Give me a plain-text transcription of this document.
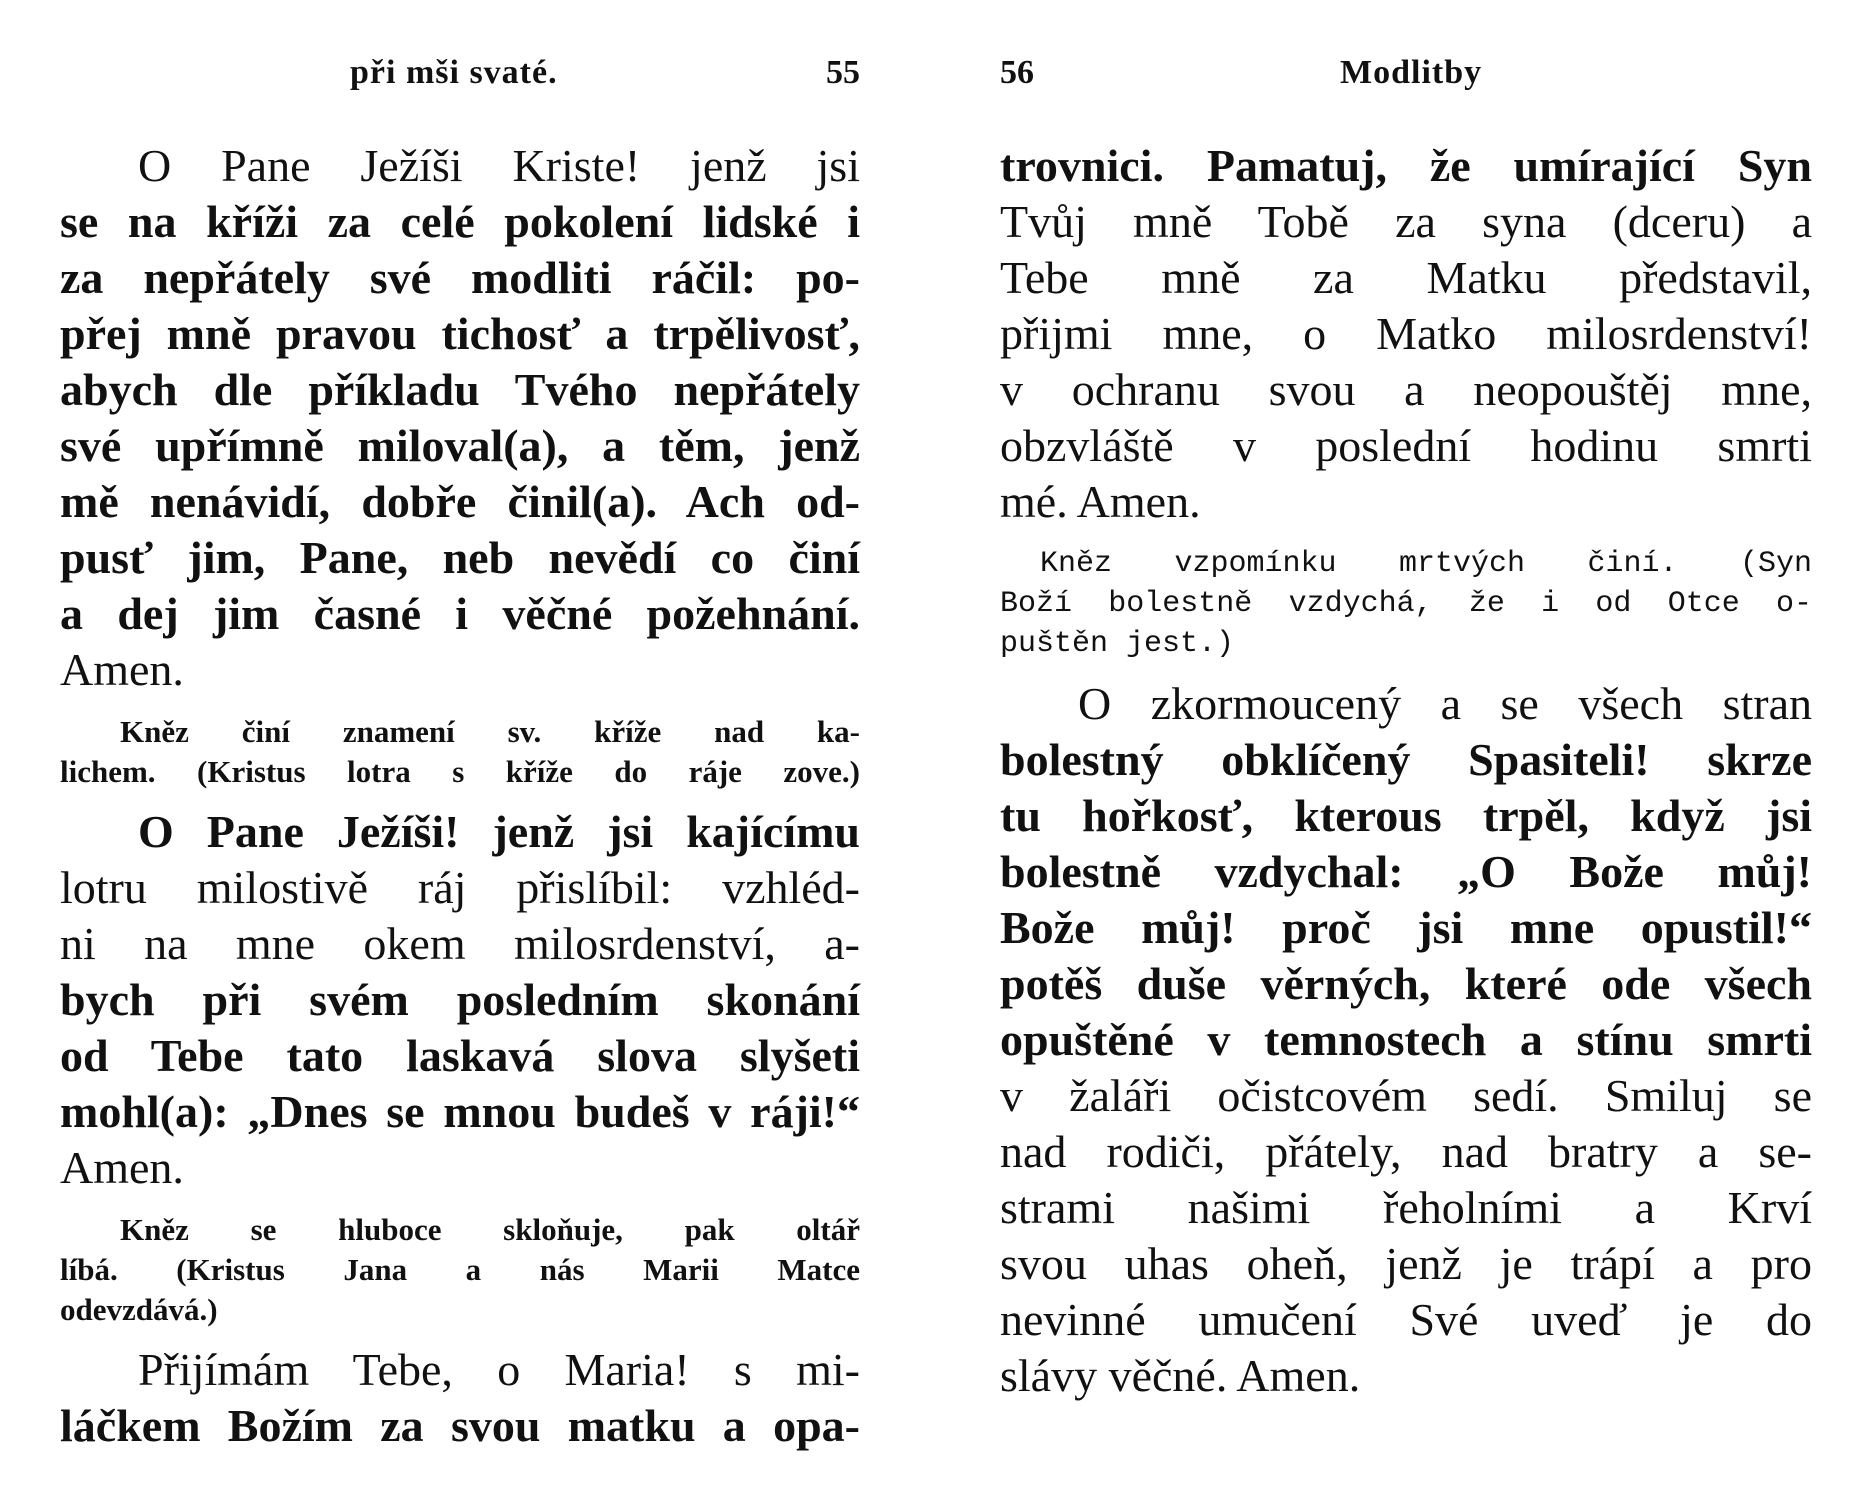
při mši svaté.	55
O Pane Ježíši Kriste! jenž jsi
se na kříži za celé pokolení lidské i
za nepřátely své modliti ráčil: po-
přej mně pravou tichosť a trpělivosť,
abych dle příkladu Tvého nepřátely
své upřímně miloval(a), a těm, jenž
mě nenávidí, dobře činil(a). Ach od-
pusť jim, Pane, neb nevědí co činí
a dej jim časné i věčné požehnání.
Amen.
Kněz činí znamení sv. kříže nad ka-
lichem. (Kristus lotra s kříže do ráje zove.)
O Pane Ježíši! jenž jsi kajícímu
lotru milostivě ráj přislíbil: vzhléd-
ni na mne okem milosrdenství, a-
bych při svém posledním skonání
od Tebe tato laskavá slova slyšeti
mohl(a): „Dnes se mnou budeš v ráji!“
Amen.
Kněz se hluboce skloňuje, pak oltář
líbá. (Kristus Jana a nás Marii Matce
odevzdává.)
Přijímám Tebe, o Maria! s mi-
láčkem Božím za svou matku a opa-
56	Modlitby
trovnici. Pamatuj, že umírající Syn
Tvůj mně Tobě za syna (dceru) a
Tebe mně za Matku představil,
přijmi mne, o Matko milosrdenství!
v ochranu svou a neopouštěj mne,
obzvláště v poslední hodinu smrti
mé. Amen.
Kněz vzpomínku mrtvých činí. (Syn
Boží bolestně vzdychá, že i od Otce o-
puštěn jest.)
O zkormoucený a se všech stran
bolestný obklíčený Spasiteli! skrze
tu hořkosť, kterous trpěl, když jsi
bolestně vzdychal: „O Bože můj!
Bože můj! proč jsi mne opustil!“
potěš duše věrných, které ode všech
opuštěné v temnostech a stínu smrti
v žaláři očistcovém sedí. Smiluj se
nad rodiči, přátely, nad bratry a se-
strami našimi řeholními a Krví
svou uhas oheň, jenž je trápí a pro
nevinné umučení Své uveď je do
slávy věčné. Amen.
